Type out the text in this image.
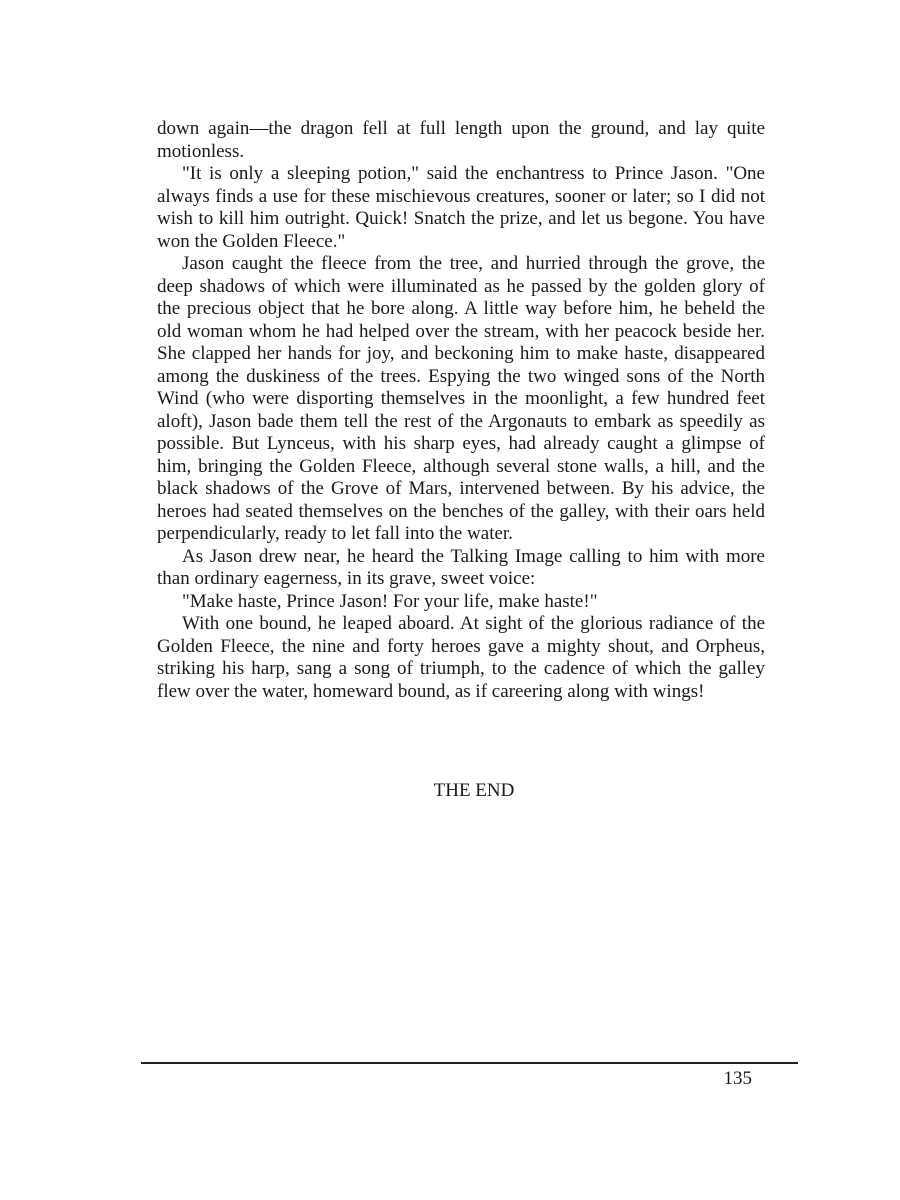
down again—the dragon fell at full length upon the ground, and lay quite motionless.

"It is only a sleeping potion," said the enchantress to Prince Jason. "One always finds a use for these mischievous creatures, sooner or later; so I did not wish to kill him outright. Quick! Snatch the prize, and let us begone. You have won the Golden Fleece."

Jason caught the fleece from the tree, and hurried through the grove, the deep shadows of which were illuminated as he passed by the golden glory of the precious object that he bore along. A little way before him, he beheld the old woman whom he had helped over the stream, with her peacock beside her. She clapped her hands for joy, and beckoning him to make haste, disappeared among the duskiness of the trees. Espying the two winged sons of the North Wind (who were disporting themselves in the moonlight, a few hundred feet aloft), Jason bade them tell the rest of the Argonauts to embark as speedily as possible. But Lynceus, with his sharp eyes, had already caught a glimpse of him, bringing the Golden Fleece, although several stone walls, a hill, and the black shadows of the Grove of Mars, intervened between. By his advice, the heroes had seated themselves on the benches of the galley, with their oars held perpendicularly, ready to let fall into the water.

As Jason drew near, he heard the Talking Image calling to him with more than ordinary eagerness, in its grave, sweet voice:

"Make haste, Prince Jason! For your life, make haste!"

With one bound, he leaped aboard. At sight of the glorious radiance of the Golden Fleece, the nine and forty heroes gave a mighty shout, and Orpheus, striking his harp, sang a song of triumph, to the cadence of which the galley flew over the water, homeward bound, as if careering along with wings!

THE END
135
